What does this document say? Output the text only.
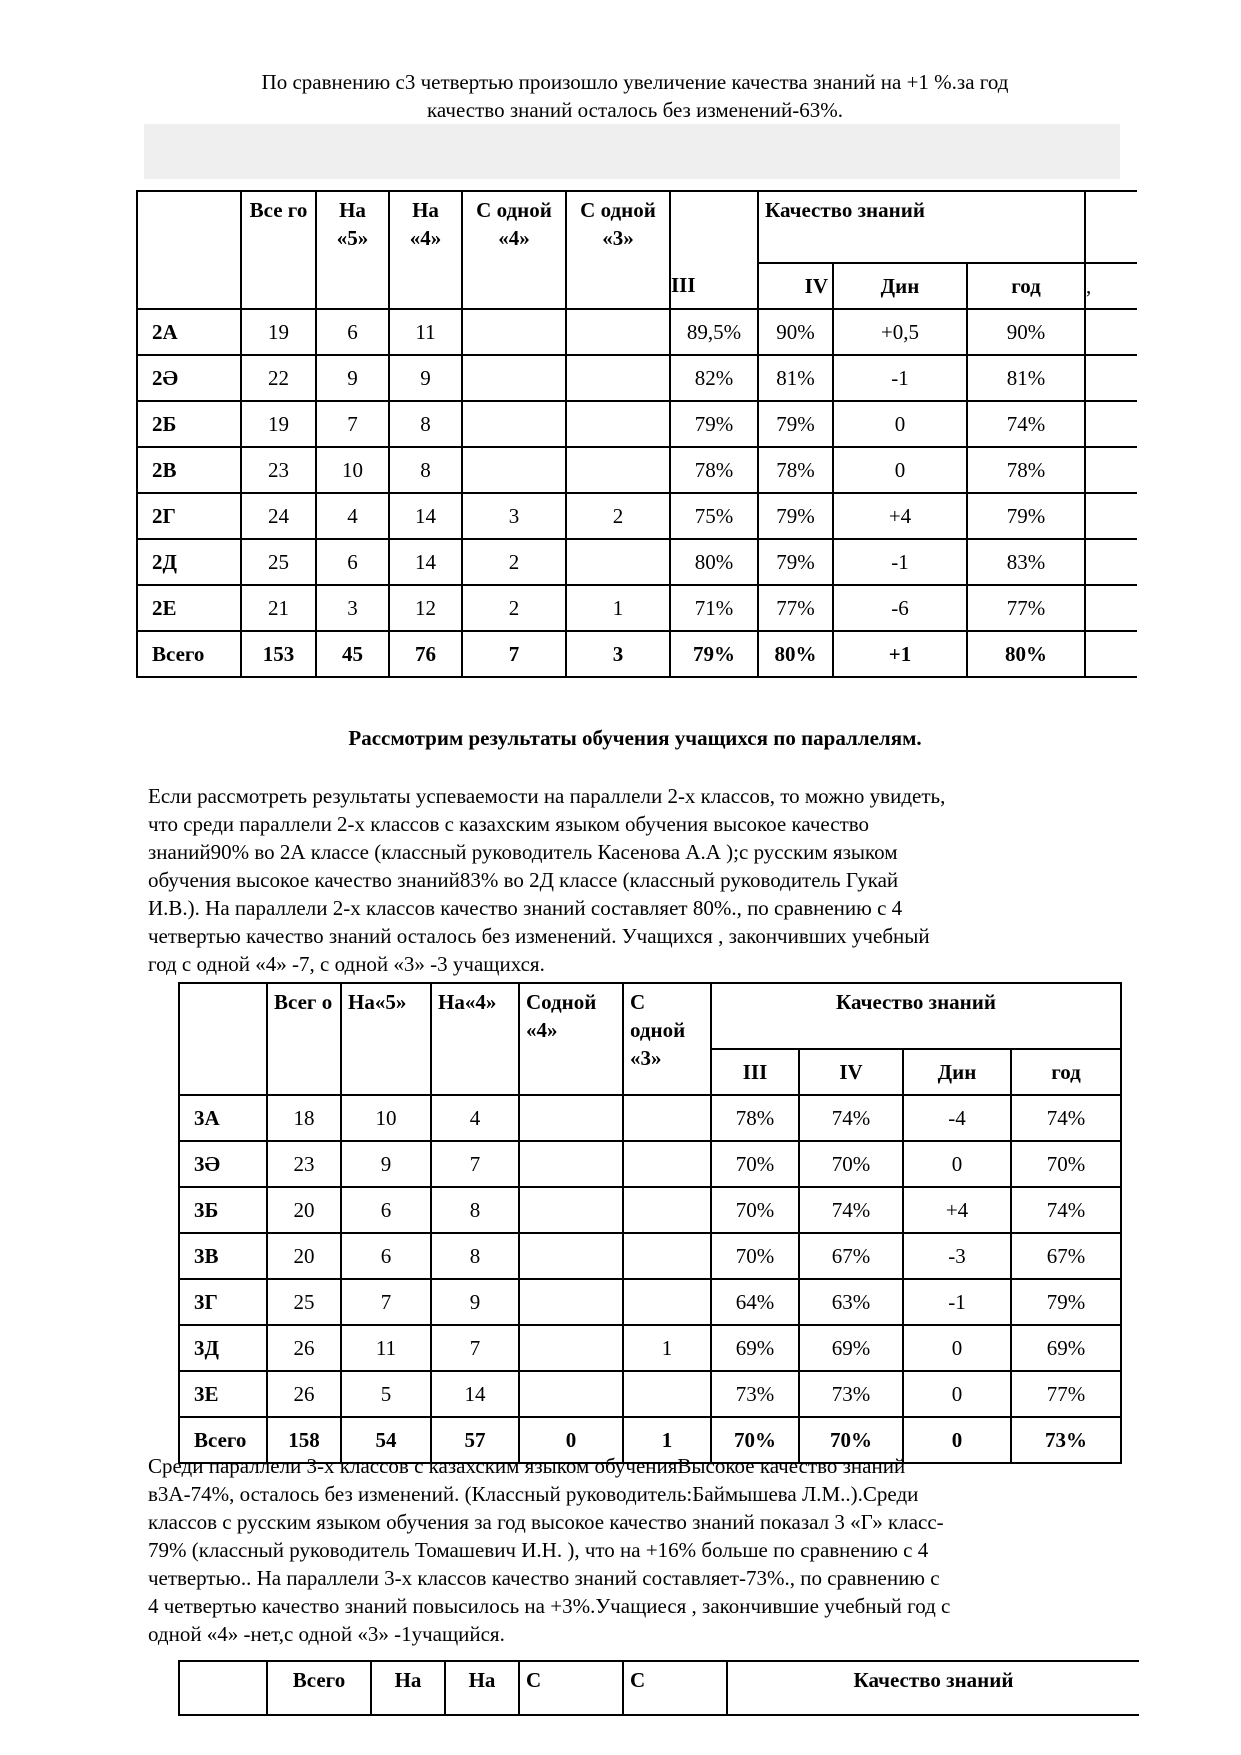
По сравнению с3 четвертью произошло увеличение качества знаний на +1 %.за год
качество знаний осталось без изменений-63%.
	Все го	На «5»	На «4»	С одной «4»	С одной «3»		Качество знаний			
						III	IV	Дин	год	,
2А	19	6	11			89,5%	90%	+0,5	90%	
2Ә	22	9	9			82%	81%	-1	81%	
2Б	19	7	8			79%	79%	0	74%	
2В	23	10	8			78%	78%	0	78%	
2Г	24	4	14	3	2	75%	79%	+4	79%	
2Д	25	6	14	2		80%	79%	-1	83%	
2Е	21	3	12	2	1	71%	77%	-6	77%	
Всего	153	45	76	7	3	79%	80%	+1	80%	
Рассмотрим результаты обучения учащихся по параллелям.
Если рассмотреть результаты успеваемости на параллели 2-х классов, то можно увидеть,
что среди параллели 2-х классов с казахским языком обучения высокое качество
знаний90% во 2А классе (классный руководитель Касенова А.А );с русским языком
обучения высокое качество знаний83% во 2Д классе (классный руководитель Гукай
И.В.). На параллели 2-х классов качество знаний составляет 80%., по сравнению с 4
четвертью качество знаний осталось без изменений. Учащихся , закончивших учебный
год с одной «4» -7, с одной «3» -3 учащихся.
	Всег о	На«5»	На«4»	Содной «4»	С одной «3»	Качество знаний			
						III	IV	Дин	год
3А	18	10	4			78%	74%	-4	74%
3Ә	23	9	7			70%	70%	0	70%
3Б	20	6	8			70%	74%	+4	74%
3В	20	6	8			70%	67%	-3	67%
3Г	25	7	9			64%	63%	-1	79%
3Д	26	11	7		1	69%	69%	0	69%
3Е	26	5	14			73%	73%	0	77%
Всего	158	54	57	0	1	70%	70%	0	73%
Среди параллели 3-х классов с казахским языком обученияВысокое качество знаний
в3А-74%, осталось без изменений. (Классный руководитель:Баймышева Л.М..).Среди
классов с русским языком обучения за год высокое качество знаний показал 3 «Г» класс-
79% (классный руководитель Томашевич И.Н. ), что на +16% больше по сравнению с 4
четвертью.. На параллели 3-х классов качество знаний составляет-73%., по сравнению с
4 четвертью качество знаний повысилось на +3%.Учащиеся , закончившие учебный год с
одной «4» -нет,с одной «3» -1учащийся.
	Всего	На	На	С	С	Качество знаний
